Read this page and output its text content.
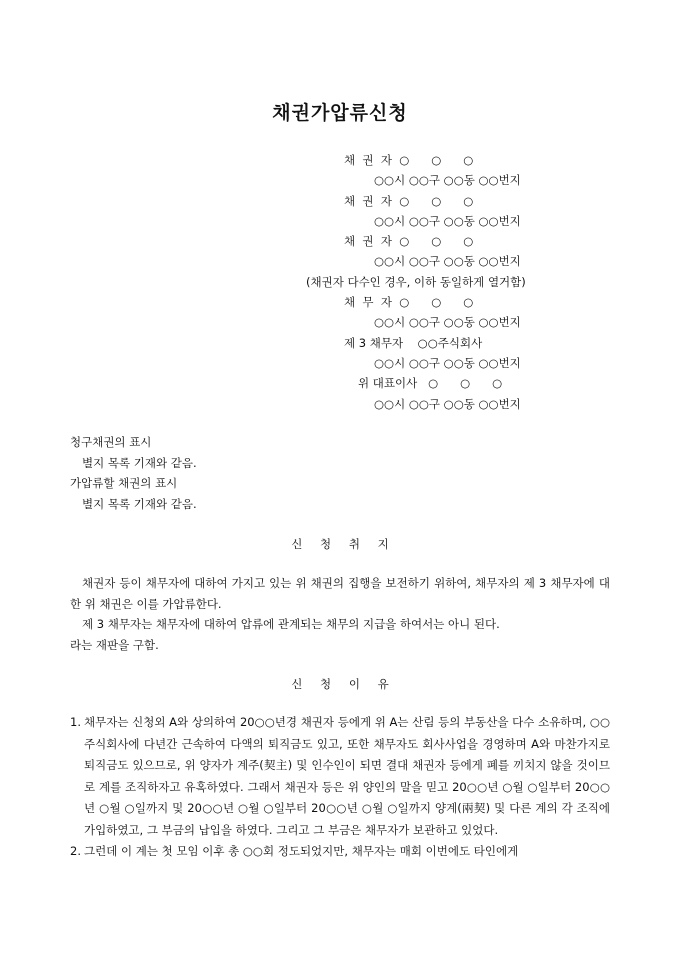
채권가압류신청
채  권  자  ○      ○      ○
○○시 ○○구 ○○동 ○○번지
채  권  자  ○      ○      ○
○○시 ○○구 ○○동 ○○번지
채  권  자  ○      ○      ○
○○시 ○○구 ○○동 ○○번지
(채권자 다수인 경우, 이하 동일하게 열거함)
채  무  자  ○      ○      ○
○○시 ○○구 ○○동 ○○번지
제 3 채무자    ○○주식회사
○○시 ○○구 ○○동 ○○번지
위 대표이사   ○      ○      ○
○○시 ○○구 ○○동 ○○번지
청구채권의 표시
별지 목록 기재와 같음.
가압류할 채권의 표시
별지 목록 기재와 같음.
신 청 취 지

채권자 등이 채무자에 대하여 가지고 있는 위 채권의 집행을 보전하기 위하여, 채무자의 제 3 채무자에 대한 위 채권은 이를 가압류한다.

제 3 채무자는 채무자에 대하여 압류에 관계되는 채무의 지급을 하여서는 아니 된다.

라는 재판을 구함.

신 청 이 유
1. 채무자는 신청외 A와 상의하여 20○○년경 채권자 등에게 위 A는 산림 등의 부동산을 다수 소유하며, ○○주식회사에 다년간 근속하여 다액의 퇴직금도 있고, 또한 채무자도 회사사업을 경영하며 A와 마찬가지로 퇴직금도 있으므로, 위 양자가 계주(契主) 및 인수인이 되면 결대 채권자 등에게 폐를 끼치지 않을 것이므로 계를 조직하자고 유혹하였다. 그래서 채권자 등은 위 양인의 말을 믿고 20○○년 ○월 ○일부터 20○○년 ○월 ○일까지 및 20○○년 ○월 ○일부터 20○○년 ○월 ○일까지 양계(兩契) 및 다른 계의 각 조직에 가입하였고, 그 부금의 납입을 하였다. 그리고 그 부금은 채무자가 보관하고 있었다.
2. 그런데 이 계는 첫 모임 이후 총 ○○회 정도되었지만, 채무자는 매회 이번에도 타인에게
